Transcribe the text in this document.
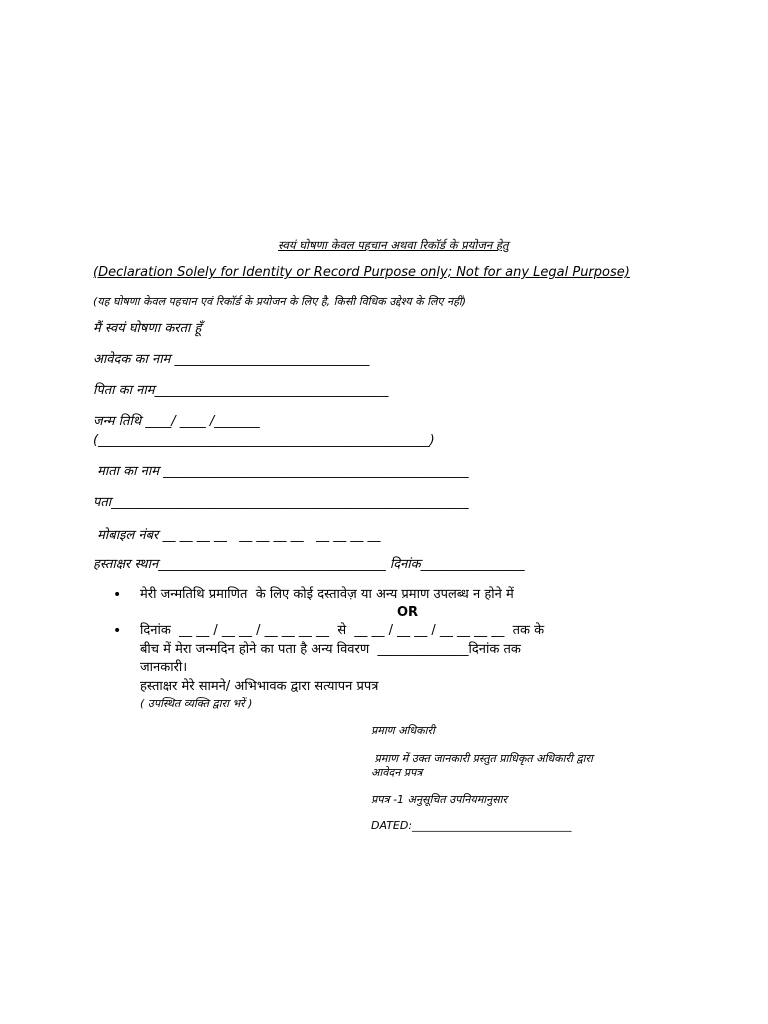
स्वयं घोषणा केवल पहचान अथवा रिकॉर्ड के प्रयोजन हेतु
(Declaration Solely for Identity or Record Purpose only; Not for any Legal Purpose)
(यह घोषणा केवल पहचान एवं रिकॉर्ड के प्रयोजन के लिए है, किसी विधिक उद्देश्य के लिए नहीं)
मैं स्वयं घोषणा करता हूँ
आवेदक का नाम ______________________________
पिता का नाम____________________________________
जन्म तिथि ____/ ____ /_______
(___________________________________________________)
माता का नाम _______________________________________________
पता_______________________________________________________
मोबाइल नंबर __ __ __ __   __ __ __ __   __ __ __ __
हस्ताक्षर स्थान___________________________________ दिनांक________________
• मेरी जन्मतिथि प्रमाणित  के लिए कोई दस्तावेज़ या अन्य प्रमाण उपलब्ध न होने में
OR
• दिनांक  __ __ / __ __ / __ __ __ __  से  __ __ / __ __ / __ __ __ __  तक के
बीच में मेरा जन्मदिन होने का पता है अन्य विवरण  ______________दिनांक तक
जानकारी।
हस्ताक्षर मेरे सामने/ अभिभावक द्वारा सत्यापन प्रपत्र
( उपस्थित व्यक्ति द्वारा भरें )
प्रमाण अधिकारी
प्रमाण में उक्त जानकारी प्रस्तुत प्राधिकृत अधिकारी द्वारा
आवेदन प्रपत्र
प्रपत्र -1 अनुसूचित उपनियमानुसार
DATED:_____________________________
